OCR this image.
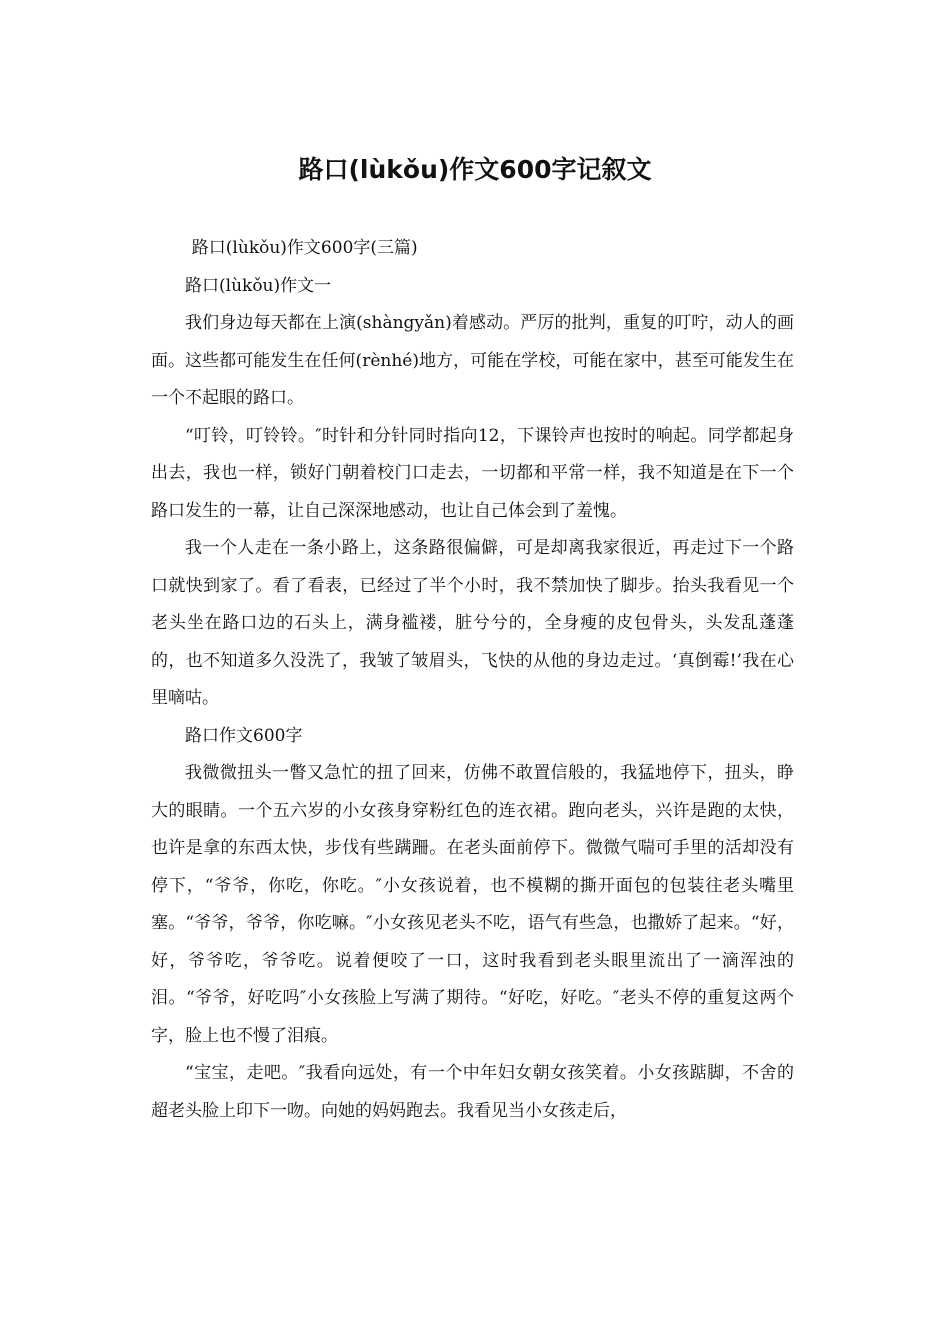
路口(lùkǒu)作文600字记叙文

路口(lùkǒu)作文600字(三篇)

路口(lùkǒu)作文一

我们身边每天都在上演(shàngyǎn)着感动。严厉的批判，重复的叮咛，动人的画面。这些都可能发生在任何(rènhé)地方，可能在学校，可能在家中，甚至可能发生在一个不起眼的路口。

“叮铃，叮铃铃。″时针和分针同时指向12，下课铃声也按时的响起。同学都起身出去，我也一样，锁好门朝着校门口走去，一切都和平常一样，我不知道是在下一个路口发生的一幕，让自己深深地感动，也让自己体会到了羞愧。

我一个人走在一条小路上，这条路很偏僻，可是却离我家很近，再走过下一个路口就快到家了。看了看表，已经过了半个小时，我不禁加快了脚步。抬头我看见一个老头坐在路口边的石头上，满身褴褛，脏兮兮的，全身瘦的皮包骨头，头发乱蓬蓬的，也不知道多久没洗了，我皱了皱眉头，飞快的从他的身边走过。‘真倒霉!’我在心里嘀咕。

路口作文600字

我微微扭头一瞥又急忙的扭了回来，仿佛不敢置信般的，我猛地停下，扭头，睁大的眼睛。一个五六岁的小女孩身穿粉红色的连衣裙。跑向老头，兴许是跑的太快，也许是拿的东西太快，步伐有些蹒跚。在老头面前停下。微微气喘可手里的活却没有停下，“爷爷，你吃，你吃。″小女孩说着，也不模糊的撕开面包的包装往老头嘴里塞。“爷爷，爷爷，你吃嘛。″小女孩见老头不吃，语气有些急，也撒娇了起来。“好，好，爷爷吃，爷爷吃。说着便咬了一口，这时我看到老头眼里流出了一滴浑浊的泪。“爷爷，好吃吗″小女孩脸上写满了期待。“好吃，好吃。″老头不停的重复这两个字，脸上也不慢了泪痕。

“宝宝，走吧。″我看向远处，有一个中年妇女朝女孩笑着。小女孩踮脚，不舍的超老头脸上印下一吻。向她的妈妈跑去。我看见当小女孩走后，
